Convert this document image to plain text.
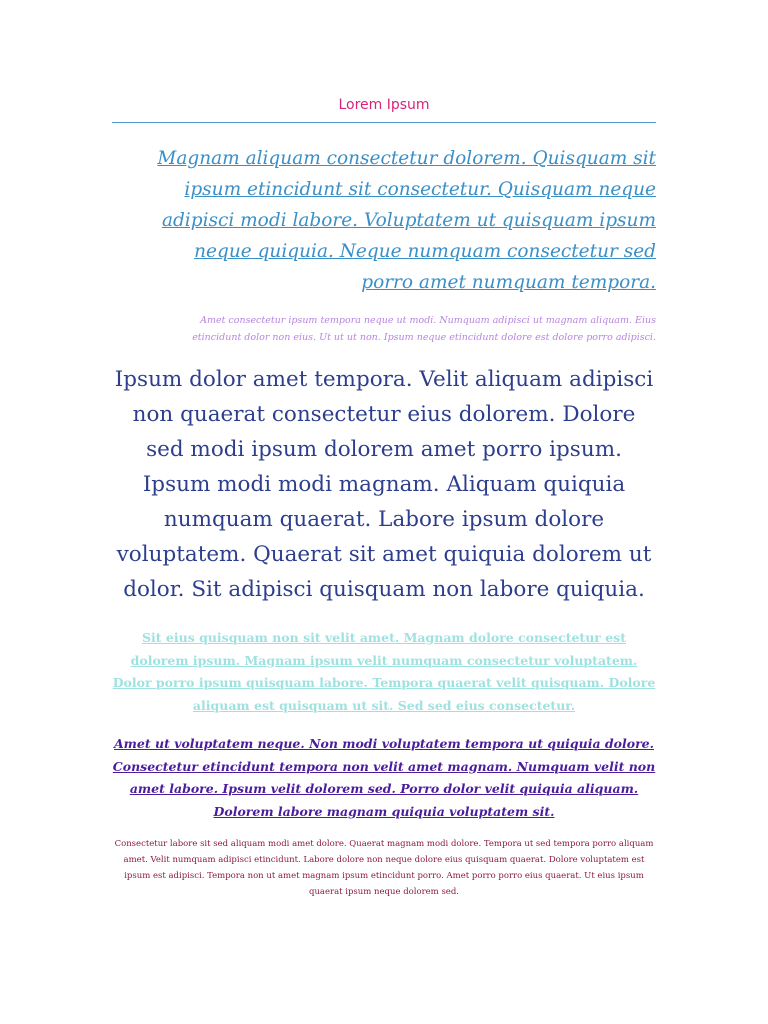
Lorem Ipsum

Magnam aliquam consectetur dolorem. Quisquam sit ipsum etincidunt sit consectetur. Quisquam neque adipisci modi labore. Voluptatem ut quisquam ipsum neque quiquia. Neque numquam consectetur sed porro amet numquam tempora.

Amet consectetur ipsum tempora neque ut modi. Numquam adipisci ut magnam aliquam. Eius etincidunt dolor non eius. Ut ut ut non. Ipsum neque etincidunt dolore est dolore porro adipisci.

Ipsum dolor amet tempora. Velit aliquam adipisci non quaerat consectetur eius dolorem. Dolore sed modi ipsum dolorem amet porro ipsum. Ipsum modi modi magnam. Aliquam quiquia numquam quaerat. Labore ipsum dolore voluptatem. Quaerat sit amet quiquia dolorem ut dolor. Sit adipisci quisquam non labore quiquia.

Sit eius quisquam non sit velit amet. Magnam dolore consectetur est dolorem ipsum. Magnam ipsum velit numquam consectetur voluptatem. Dolor porro ipsum quisquam labore. Tempora quaerat velit quisquam. Dolore aliquam est quisquam ut sit. Sed sed eius consectetur.

Amet ut voluptatem neque. Non modi voluptatem tempora ut quiquia dolore. Consectetur etincidunt tempora non velit amet magnam. Numquam velit non amet labore. Ipsum velit dolorem sed. Porro dolor velit quiquia aliquam. Dolorem labore magnam quiquia voluptatem sit.

Consectetur labore sit sed aliquam modi amet dolore. Quaerat magnam modi dolore. Tempora ut sed tempora porro aliquam amet. Velit numquam adipisci etincidunt. Labore dolore non neque dolore eius quisquam quaerat. Dolore voluptatem est ipsum est adipisci. Tempora non ut amet magnam ipsum etincidunt porro. Amet porro porro eius quaerat. Ut eius ipsum quaerat ipsum neque dolorem sed.
